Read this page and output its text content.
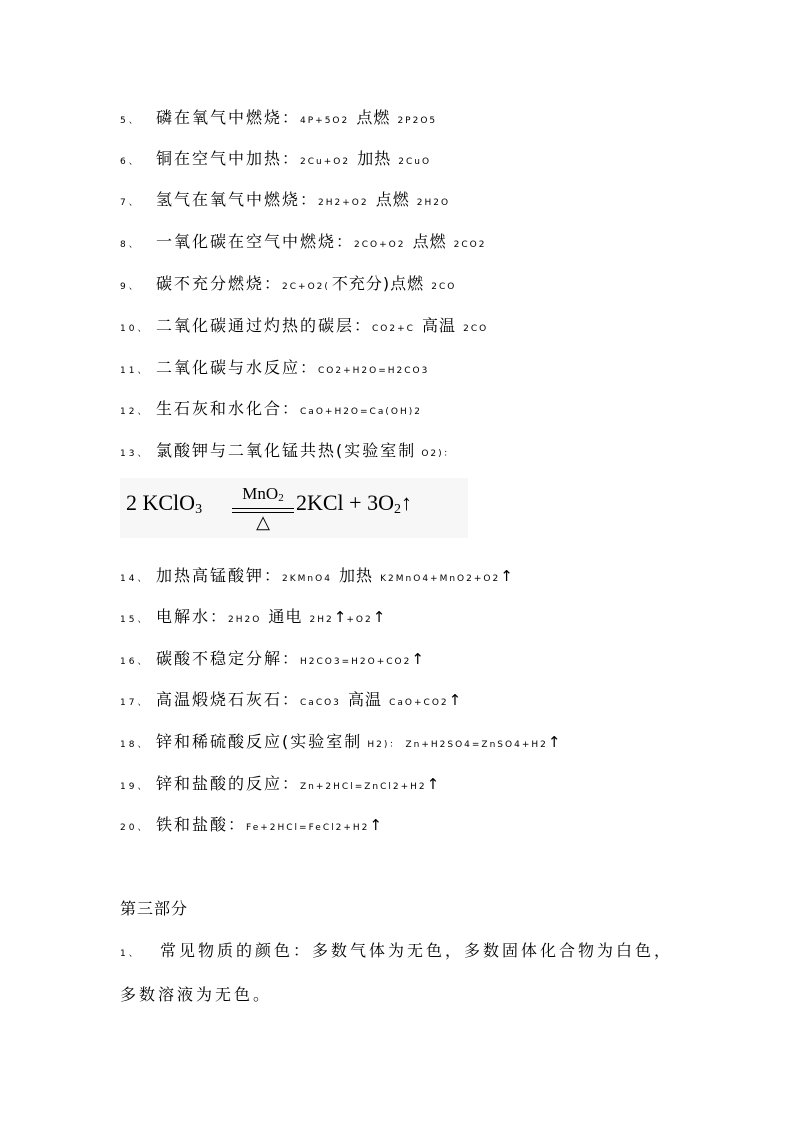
5、 磷在氧气中燃烧：4P+5O2 点燃 2P2O5
6、 铜在空气中加热：2Cu+O2 加热 2CuO
7、 氢气在氧气中燃烧：2H2+O2 点燃 2H2O
8、 一氧化碳在空气中燃烧：2CO+O2 点燃 2CO2
9、 碳不充分燃烧：2C+O2( 不充分)点燃 2CO
10、 二氧化碳通过灼热的碳层：CO2+C 高温 2CO
11、 二氧化碳与水反应：CO2+H2O=H2CO3
12、 生石灰和水化合：CaO+H2O=Ca(OH)2
13、 氯酸钾与二氧化锰共热(实验室制 O2)：
2 KClO$_3$
MnO$_2$
△
$2KCl + 3O_2↑$
14、 加热高锰酸钾：2KMnO4 加热 K2MnO4+MnO2+O2↑
15、 电解水：2H2O 通电 2H2↑+O2↑
16、 碳酸不稳定分解：H2CO3=H2O+CO2↑
17、 高温煅烧石灰石：CaCO3 高温 CaO+CO2↑
18、 锌和稀硫酸反应(实验室制 H2)： Zn+H2SO4=ZnSO4+H2↑
19、 锌和盐酸的反应：Zn+2HCl=ZnCl2+H2↑
20、 铁和盐酸：Fe+2HCl=FeCl2+H2↑
第三部分
1、 常见物质的颜色：多数气体为无色，多数固体化合物为白色，
多数溶液为无色。
